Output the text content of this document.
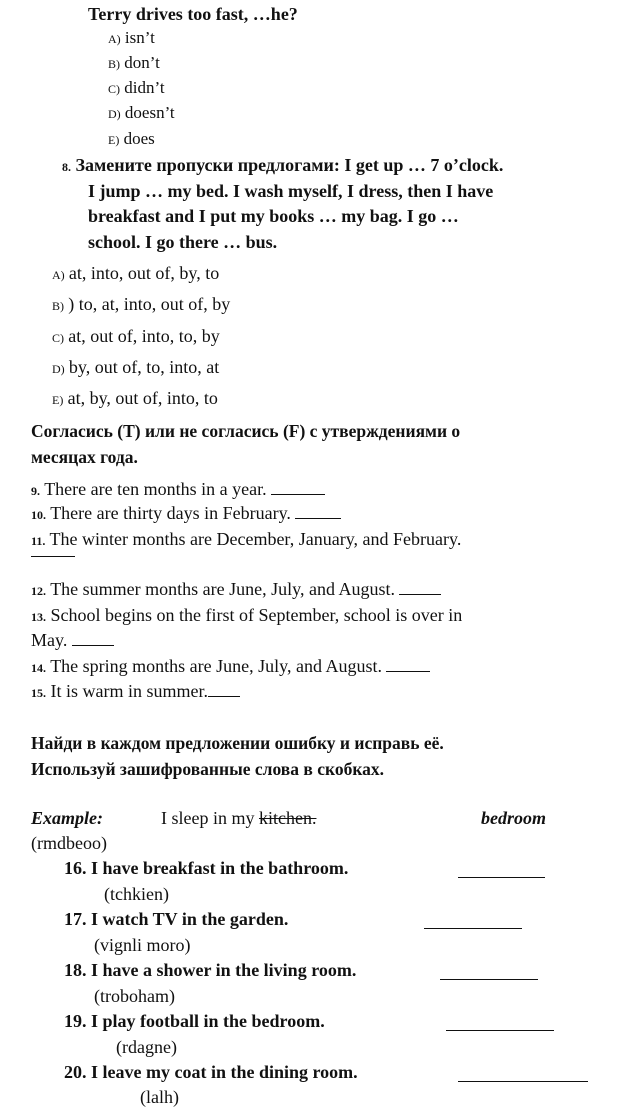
Terry drives too fast, …he?
A) isn’t
B) don’t
C) didn’t
D) doesn’t
E) does
8. Замените пропуски предлогами: I get up … 7 o’clock.
I jump … my bed. I wash myself, I dress, then I have
breakfast and I put my books … my bag. I go …
school. I go there … bus.
A) at, into, out of, by, to
B) ) to, at, into, out of, by
C) at, out of, into, to, by
D) by, out of, to, into, at
E) at, by, out of, into, to
Согласись (T) или не согласись (F) с утверждениями о
месяцах года.
9. There are ten months in a year.
10. There are thirty days in February.
11. The winter months are December, January, and February.
12. The summer months are June, July, and August.
13. School begins on the first of September, school is over in
May.
14. The spring months are June, July, and August.
15. It is warm in summer.
Найди в каждом предложении ошибку и исправь её.
Используй зашифрованные слова в скобках.
Example:	I sleep in my kitchen.	bedroom
(rmdbeoo)
16. I have breakfast in the bathroom.
(tchkien)
17. I watch TV in the garden.
(vignli moro)
18. I have a shower in the living room.
(troboham)
19. I play football in the bedroom.
(rdagne)
20. I leave my coat in the dining room.
(lalh)
